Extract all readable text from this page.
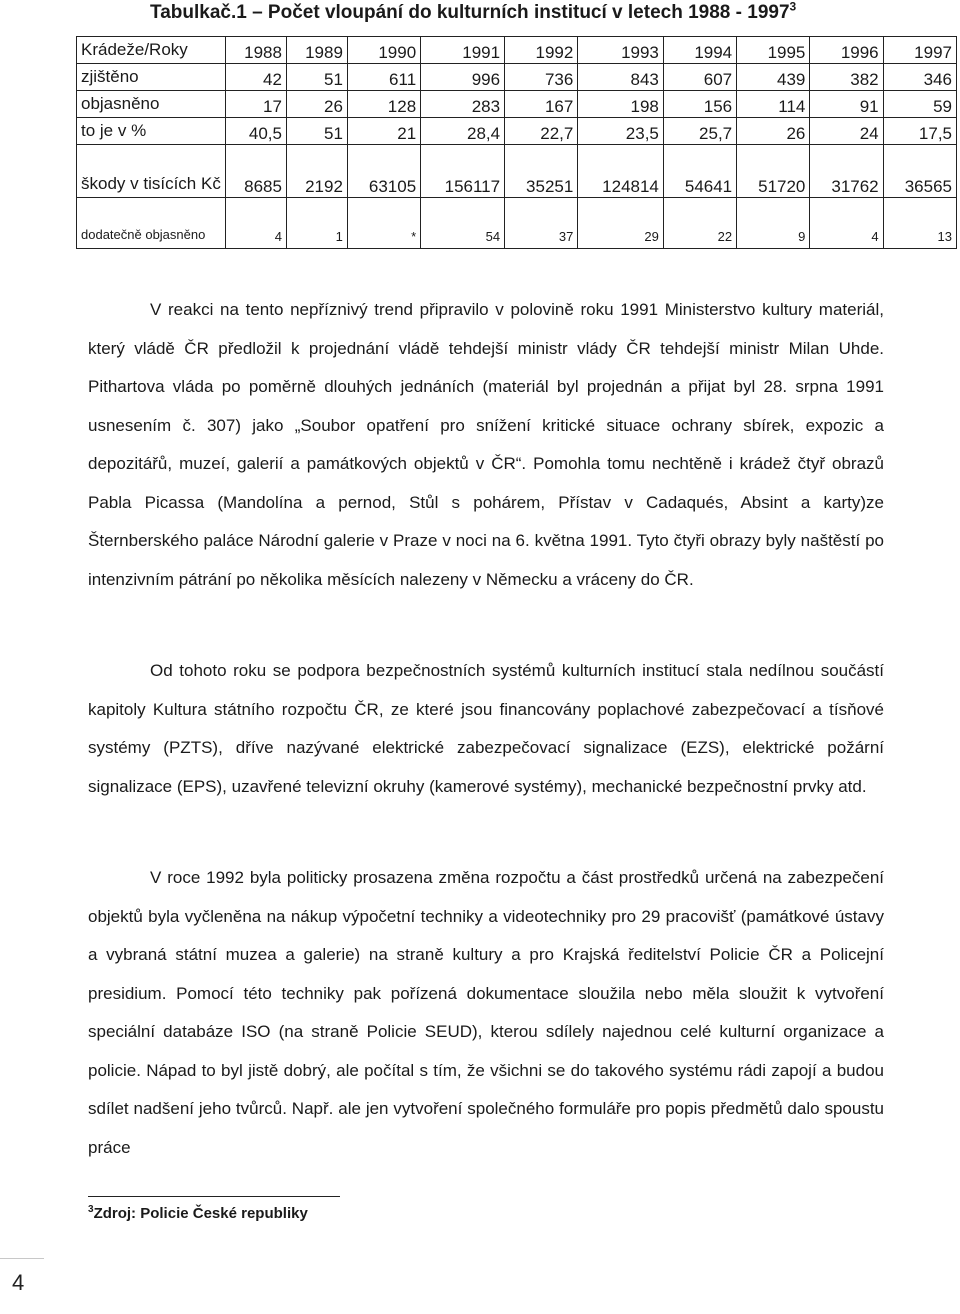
Tabulkač.1 – Počet vloupání do kulturních institucí v letech 1988 - 1997$^3$
Krádeže/Roky	1988	1989	1990	1991	1992	1993	1994	1995	1996	1997
zjištěno	42	51	611	996	736	843	607	439	382	346
objasněno	17	26	128	283	167	198	156	114	91	59
to je v %	40,5	51	21	28,4	22,7	23,5	25,7	26	24	17,5
škody v tisících Kč	8685	2192	63105	156117	35251	124814	54641	51720	31762	36565
dodatečně objasněno	4	1	*	54	37	29	22	9	4	13

V reakci na tento nepříznivý trend připravilo v polovině roku 1991 Ministerstvo kultury materiál, který vládě ČR předložil k projednání vládě tehdejší ministr vlády ČR tehdejší ministr Milan Uhde. Pithartova vláda po poměrně dlouhých jednáních (materiál byl projednán a přijat byl 28. srpna 1991 usnesením č. 307) jako „Soubor opatření pro snížení kritické situace ochrany sbírek, expozic a depozitářů, muzeí, galerií a památkových objektů v ČR“. Pomohla tomu nechtěně i krádež čtyř obrazů Pabla Picassa (Mandolína a pernod, Stůl s pohárem, Přístav v Cadaqués, Absint a karty)ze Šternberského paláce Národní galerie v Praze v noci na 6. května 1991. Tyto čtyři obrazy byly naštěstí po intenzivním pátrání po několika měsících nalezeny v Německu a vráceny do ČR.

Od tohoto roku se podpora bezpečnostních systémů kulturních institucí stala nedílnou součástí kapitoly Kultura státního rozpočtu ČR, ze které jsou financovány poplachové zabezpečovací a tísňové systémy (PZTS), dříve nazývané elektrické zabezpečovací signalizace (EZS), elektrické požární signalizace (EPS), uzavřené televizní okruhy (kamerové systémy), mechanické bezpečnostní prvky atd.

V roce 1992 byla politicky prosazena změna rozpočtu a část prostředků určená na zabezpečení objektů byla vyčleněna na nákup výpočetní techniky a videotechniky pro 29 pracovišť (památkové ústavy a vybraná státní muzea a galerie) na straně kultury a pro Krajská ředitelství Policie ČR a Policejní presidium. Pomocí této techniky pak pořízená dokumentace sloužila nebo měla sloužit k vytvoření speciální databáze ISO (na straně Policie SEUD), kterou sdílely najednou celé kulturní organizace a policie. Nápad to byl jistě dobrý, ale počítal s tím, že všichni se do takového systému rádi zapojí a budou sdílet nadšení jeho tvůrců. Např. ale jen vytvoření společného formuláře pro popis předmětů dalo spoustu práce

$^3$Zdroj: Policie České republiky
4
